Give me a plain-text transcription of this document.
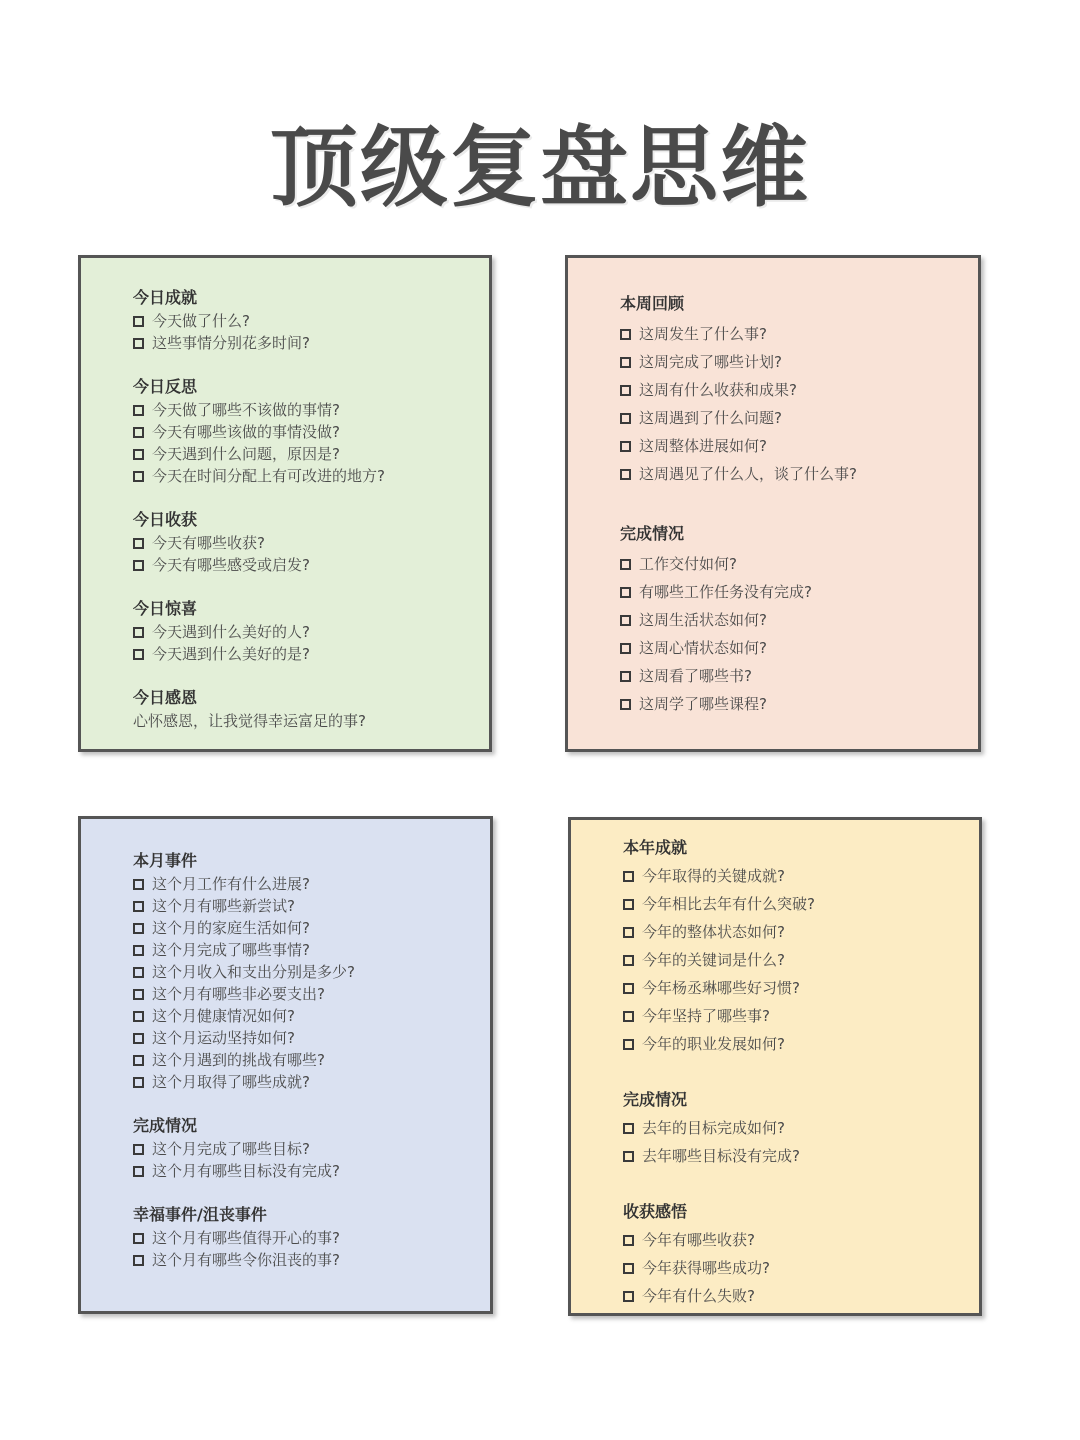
顶级复盘思维
今日成就
今天做了什么?
这些事情分别花多时间?
今日反思
今天做了哪些不该做的事情?
今天有哪些该做的事情没做?
今天遇到什么问题，原因是?
今天在时间分配上有可改进的地方?
今日收获
今天有哪些收获?
今天有哪些感受或启发?
今日惊喜
今天遇到什么美好的人?
今天遇到什么美好的是?
今日感恩
心怀感恩，让我觉得幸运富足的事?
本周回顾
这周发生了什么事?
这周完成了哪些计划?
这周有什么收获和成果?
这周遇到了什么问题?
这周整体进展如何?
这周遇见了什么人，谈了什么事?
完成情况
工作交付如何?
有哪些工作任务没有完成?
这周生活状态如何?
这周心情状态如何?
这周看了哪些书?
这周学了哪些课程?
本月事件
这个月工作有什么进展?
这个月有哪些新尝试?
这个月的家庭生活如何?
这个月完成了哪些事情?
这个月收入和支出分别是多少?
这个月有哪些非必要支出?
这个月健康情况如何?
这个月运动坚持如何?
这个月遇到的挑战有哪些?
这个月取得了哪些成就?
完成情况
这个月完成了哪些目标?
这个月有哪些目标没有完成?
幸福事件/沮丧事件
这个月有哪些值得开心的事?
这个月有哪些令你沮丧的事?
本年成就
今年取得的关键成就?
今年相比去年有什么突破?
今年的整体状态如何?
今年的关键词是什么?
今年杨丞琳哪些好习惯?
今年坚持了哪些事?
今年的职业发展如何?
完成情况
去年的目标完成如何?
去年哪些目标没有完成?
收获感悟
今年有哪些收获?
今年获得哪些成功?
今年有什么失败?
